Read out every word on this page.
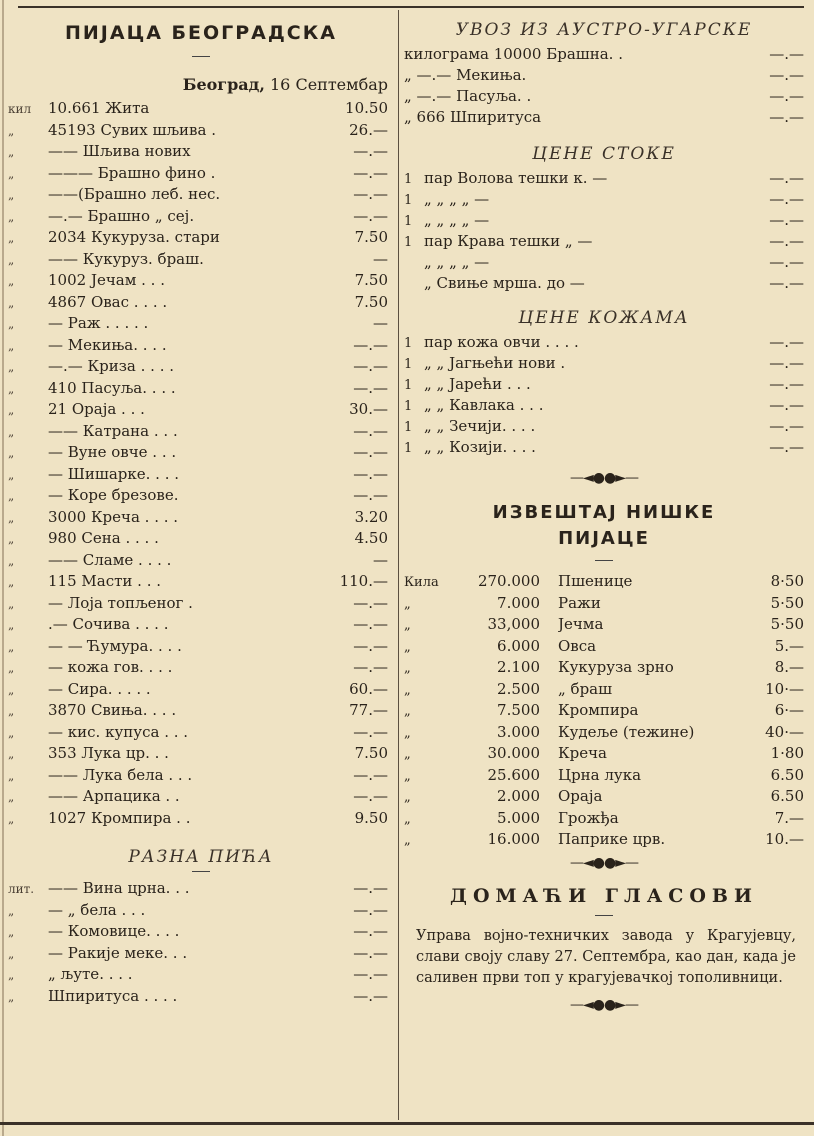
ПИЈАЦА БЕОГРАДСКА
Београд, 16 Септембар
кил	10.661 Жита	10.50
„	45193 Сувих шљива .	26.—
„	—— Шљива нових	—.—
„	——— Брашно фино .	—.—
„	——(Брашно леб. нес.	—.—
„	—.— Брашно „ сеј.	—.—
„	2034 Кукуруза. стари	7.50
„	—— Кукуруз. браш.	—
„	1002 Јечам . . .	7.50
„	4867 Овас . . . .	7.50
„	— Раж . . . . .	—
„	— Мекиња. . . .	—.—
„	—.— Криза . . . .	—.—
„	410 Пасуља. . . .	—.—
„	21 Ораја . . .	30.—
„	—— Катрана . . .	—.—
„	— Вуне овче . . .	—.—
„	— Шишарке. . . .	—.—
„	— Коре брезове.	—.—
„	3000 Креча . . . .	3.20
„	980 Сена . . . .	4.50
„	—— Сламе . . . .	—
„	115 Масти . . .	110.—
„	— Лоја топљеног .	—.—
„	.— Сочива . . . .	—.—
„	— — Ћумура. . . .	—.—
„	— кожа гов. . . .	—.—
„	— Сира. . . . .	60.—
„	3870 Свиња. . . .	77.—
„	— кис. купуса . . .	—.—
„	353 Лука цр. . .	7.50
„	—— Лука бела . . .	—.—
„	—— Арпацика . .	—.—
„	1027 Кромпира . .	9.50
РАЗНА ПИЋА
лит. —— Вина црна. . .	—.—
„	— „ бела . . .	—.—
„	— Комовице. . . .	—.—
„	— Ракије меке. . .	—.—
„	„ љуте. . . .	—.—
„	Шпиритуса . . . .	—.—
УВОЗ ИЗ АУСТРО-УГАРСКЕ
килограма 10000 Брашна. .	—.—
„ —.— Мекиња.	—.—
„ —.— Пасуља. .	—.—
„ 666 Шпиритуса	—.—
ЦЕНЕ СТОКЕ
1 пар Волова тешки к. —	—.—
1 „ „ „ „ —	—.—
1 „ „ „ „ —	—.—
1 пар Крава тешки „ —	—.—
„ „ „ „ —	—.—
„ Свиње мрша. до —	—.—
ЦЕНЕ КОЖАМА
1 пар кожа овчи . . . .	—.—
1 „ „ Јагњећи нови .	—.—
1 „ „ Јарећи . . .	—.—
1 „ „ Кавлака . . .	—.—
1 „ „ Зечији. . . .	—.—
1 „ „ Козији. . . .	—.—
—◄●●►—
ИЗВЕШТАЈ НИШКЕ
ПИЈАЦЕ
Кила	270.000	Пшенице	8·50
„	7.000	Ражи	5·50
„	33,000	Јечма	5·50
„	6.000	Овса	5.—
„	2.100	Кукуруза зрно	8.—
„	2.500	„ браш	10·—
„	7.500	Кромпира	6·—
„	3.000	Кудеље (тежине)	40·—
„	30.000	Креча	1·80
„	25.600	Црна лука	6.50
„	2.000	Ораја	6.50
„	5.000	Грожђа	7.—
„	16.000	Паприке црв.	10.—
—◄●●►—
ДОМАЋИ ГЛАСОВИ
Управа војно-техничких завода у Крагујевцу, слави своју славу 27. Септембра, као дан, када је саливен први топ у крагујевачкој тополивници.
—◄●●►—
